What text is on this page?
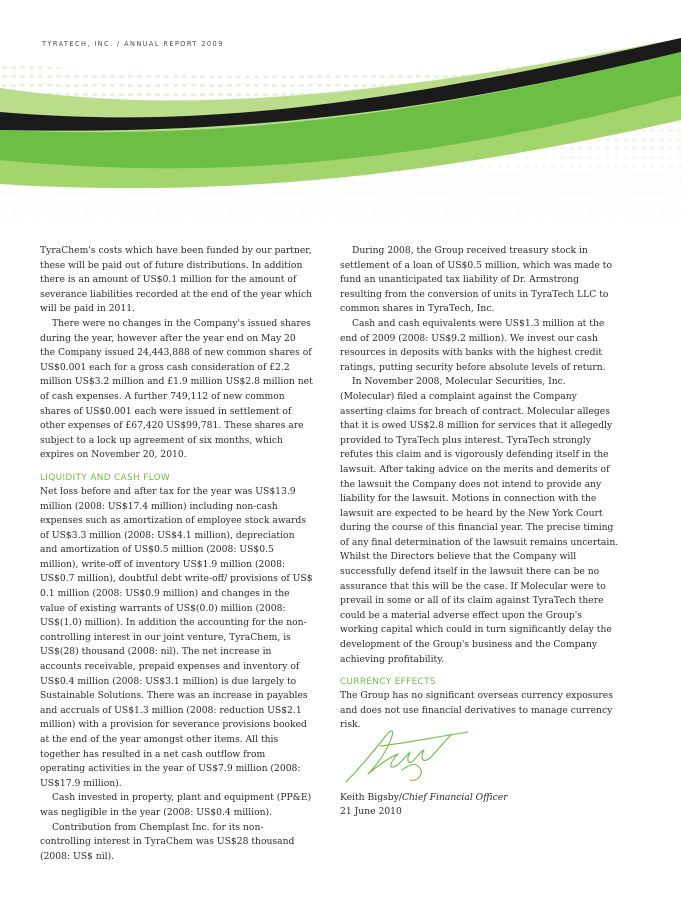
TYRATECH, INC. / ANNUAL REPORT 2009

TyraChem's costs which have been funded by our partner, these will be paid out of future distributions. In addition there is an amount of US$0.1 million for the amount of severance liabilities recorded at the end of the year which will be paid in 2011.

There were no changes in the Company's issued shares during the year, however after the year end on May 20 the Company issued 24,443,888 of new common shares of US$0.001 each for a gross cash consideration of £2.2 million US$3.2 million and £1.9 million US$2.8 million net of cash expenses. A further 749,112 of new common shares of US$0.001 each were issued in settlement of other expenses of £67,420 US$99,781. These shares are subject to a lock up agreement of six months, which expires on November 20, 2010.

LIQUIDITY AND CASH FLOW

Net loss before and after tax for the year was US$13.9 million (2008: US$17.4 million) including non-cash expenses such as amortization of employee stock awards of US$3.3 million (2008: US$4.1 million), depreciation and amortization of US$0.5 million (2008: US$0.5 million), write-off of inventory US$1.9 million (2008: US$0.7 million), doubtful debt write-off/ provisions of US$ 0.1 million (2008: US$0.9 million) and changes in the value of existing warrants of US$(0.0) million (2008: US$(1.0) million). In addition the accounting for the non-controlling interest in our joint venture, TyraChem, is US$(28) thousand (2008: nil). The net increase in accounts receivable, prepaid expenses and inventory of US$0.4 million (2008: US$3.1 million) is due largely to Sustainable Solutions. There was an increase in payables and accruals of US$1.3 million (2008: reduction US$2.1 million) with a provision for severance provisions booked at the end of the year amongst other items. All this together has resulted in a net cash outflow from operating activities in the year of US$7.9 million (2008: US$17.9 million).

Cash invested in property, plant and equipment (PP&E) was negligible in the year (2008: US$0.4 million).

Contribution from Chemplast Inc. for its non-controlling interest in TyraChem was US$28 thousand (2008: US$ nil).

During 2008, the Group received treasury stock in settlement of a loan of US$0.5 million, which was made to fund an unanticipated tax liability of Dr. Armstrong resulting from the conversion of units in TyraTech LLC to common shares in TyraTech, Inc.

Cash and cash equivalents were US$1.3 million at the end of 2009 (2008: US$9.2 million). We invest our cash resources in deposits with banks with the highest credit ratings, putting security before absolute levels of return.

In November 2008, Molecular Securities, Inc. (Molecular) filed a complaint against the Company asserting claims for breach of contract. Molecular alleges that it is owed US$2.8 million for services that it allegedly provided to TyraTech plus interest. TyraTech strongly refutes this claim and is vigorously defending itself in the lawsuit. After taking advice on the merits and demerits of the lawsuit the Company does not intend to provide any liability for the lawsuit. Motions in connection with the lawsuit are expected to be heard by the New York Court during the course of this financial year. The precise timing of any final determination of the lawsuit remains uncertain. Whilst the Directors believe that the Company will successfully defend itself in the lawsuit there can be no assurance that this will be the case. If Molecular were to prevail in some or all of its claim against TyraTech there could be a material adverse effect upon the Group's working capital which could in turn significantly delay the development of the Group's business and the Company achieving profitability.

CURRENCY EFFECTS

The Group has no significant overseas currency exposures and does not use financial derivatives to manage currency risk.

Keith Bigsby/Chief Financial Officer
21 June 2010
